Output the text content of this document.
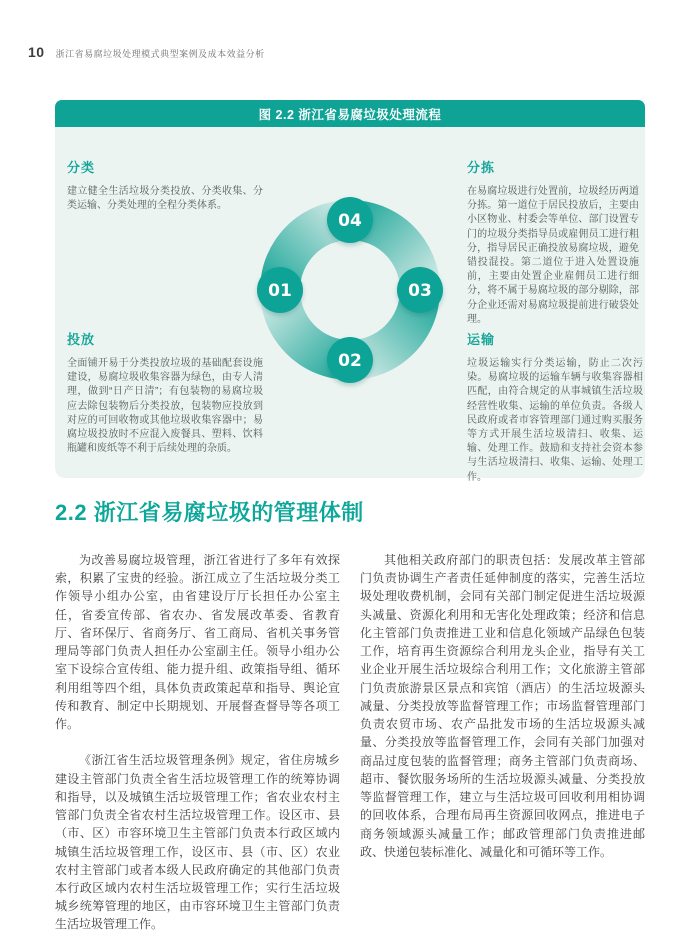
10 浙江省易腐垃圾处理模式典型案例及成本效益分析
图 2.2 浙江省易腐垃圾处理流程
分类
建立健全生活垃圾分类投放、分类收集、分类运输、分类处理的全程分类体系。
分拣
在易腐垃圾进行处置前，垃圾经历两道分拣。第一道位于居民投放后，主要由小区物业、村委会等单位、部门设置专门的垃圾分类指导员或雇佣员工进行粗分，指导居民正确投放易腐垃圾，避免错投混投。第二道位于进入处置设施前，主要由处置企业雇佣员工进行细分，将不属于易腐垃圾的部分剔除，部分企业还需对易腐垃圾提前进行破袋处理。
投放
全面铺开易于分类投放垃圾的基础配套设施建设，易腐垃圾收集容器为绿色，由专人清理，做到“日产日清”；有包装物的易腐垃圾应去除包装物后分类投放，包装物应投放到对应的可回收物或其他垃圾收集容器中；易腐垃圾投放时不应混入废餐具、塑料、饮料瓶罐和废纸等不利于后续处理的杂质。
运输
垃圾运输实行分类运输，防止二次污染。易腐垃圾的运输车辆与收集容器相匹配，由符合规定的从事城镇生活垃圾经营性收集、运输的单位负责。各级人民政府或者市容管理部门通过购买服务等方式开展生活垃圾清扫、收集、运输、处理工作。鼓励和支持社会资本参与生活垃圾清扫、收集、运输、处理工作。
01
02
03
04
2.2 浙江省易腐垃圾的管理体制

为改善易腐垃圾管理，浙江省进行了多年有效探索，积累了宝贵的经验。浙江成立了生活垃圾分类工作领导小组办公室，由省建设厅厅长担任办公室主任，省委宣传部、省农办、省发展改革委、省教育厅、省环保厅、省商务厅、省工商局、省机关事务管理局等部门负责人担任办公室副主任。领导小组办公室下设综合宣传组、能力提升组、政策指导组、循环利用组等四个组，具体负责政策起草和指导、舆论宣传和教育、制定中长期规划、开展督查督导等各项工作。

《浙江省生活垃圾管理条例》规定，省住房城乡建设主管部门负责全省生活垃圾管理工作的统筹协调和指导，以及城镇生活垃圾管理工作；省农业农村主管部门负责全省农村生活垃圾管理工作。设区市、县（市、区）市容环境卫生主管部门负责本行政区域内城镇生活垃圾管理工作，设区市、县（市、区）农业农村主管部门或者本级人民政府确定的其他部门负责本行政区域内农村生活垃圾管理工作；实行生活垃圾城乡统筹管理的地区，由市容环境卫生主管部门负责生活垃圾管理工作。

其他相关政府部门的职责包括：发展改革主管部门负责协调生产者责任延伸制度的落实，完善生活垃圾处理收费机制，会同有关部门制定促进生活垃圾源头减量、资源化利用和无害化处理政策；经济和信息化主管部门负责推进工业和信息化领域产品绿色包装工作，培育再生资源综合利用龙头企业，指导有关工业企业开展生活垃圾综合利用工作；文化旅游主管部门负责旅游景区景点和宾馆（酒店）的生活垃圾源头减量、分类投放等监督管理工作；市场监督管理部门负责农贸市场、农产品批发市场的生活垃圾源头减量、分类投放等监督管理工作，会同有关部门加强对商品过度包装的监督管理；商务主管部门负责商场、超市、餐饮服务场所的生活垃圾源头减量、分类投放等监督管理工作，建立与生活垃圾可回收利用相协调的回收体系，合理布局再生资源回收网点，推进电子商务领域源头减量工作；邮政管理部门负责推进邮政、快递包装标准化、减量化和可循环等工作。
